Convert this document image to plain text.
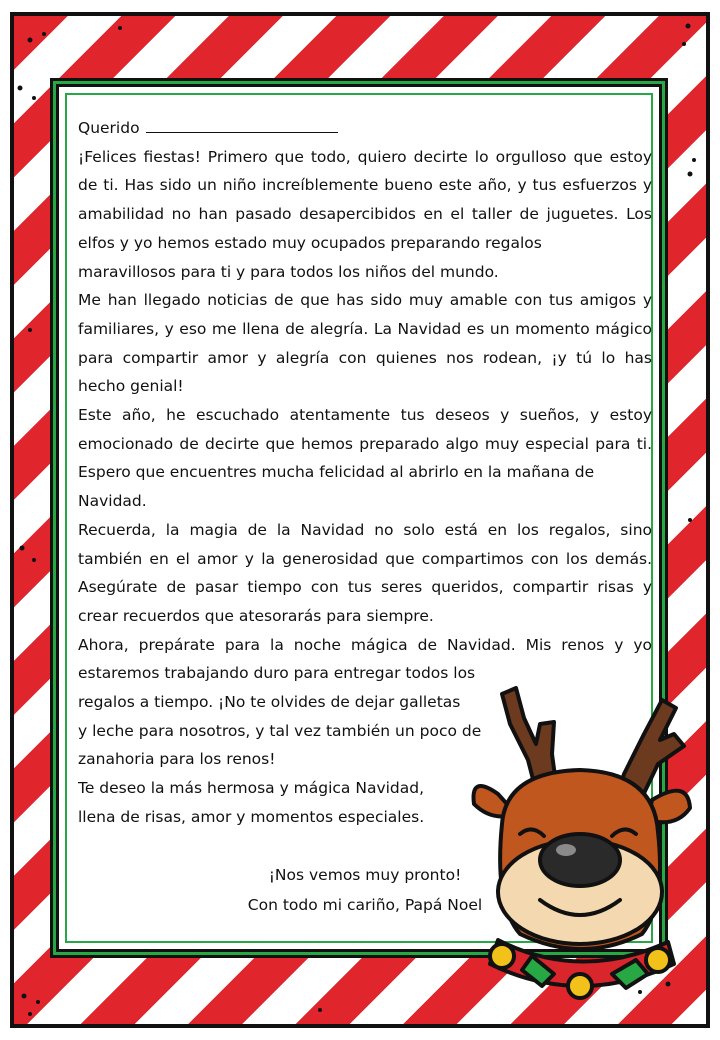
Querido

¡Felices fiestas! Primero que todo, quiero decirte lo orgulloso que estoy

de ti. Has sido un niño increíblemente bueno este año, y tus esfuerzos y

amabilidad no han pasado desapercibidos en el taller de juguetes. Los

elfos y yo hemos estado muy ocupados preparando regalos

maravillosos para ti y para todos los niños del mundo.

Me han llegado noticias de que has sido muy amable con tus amigos y

familiares, y eso me llena de alegría. La Navidad es un momento mágico

para compartir amor y alegría con quienes nos rodean, ¡y tú lo has

hecho genial!

Este año, he escuchado atentamente tus deseos y sueños, y estoy

emocionado de decirte que hemos preparado algo muy especial para ti.

Espero que encuentres mucha felicidad al abrirlo en la mañana de

Navidad.

Recuerda, la magia de la Navidad no solo está en los regalos, sino

también en el amor y la generosidad que compartimos con los demás.

Asegúrate de pasar tiempo con tus seres queridos, compartir risas y

crear recuerdos que atesorarás para siempre.

Ahora, prepárate para la noche mágica de Navidad. Mis renos y yo

estaremos trabajando duro para entregar todos los

regalos a tiempo. ¡No te olvides de dejar galletas

y leche para nosotros, y tal vez también un poco de

zanahoria para los renos!

Te deseo la más hermosa y mágica Navidad,

llena de risas, amor y momentos especiales.

¡Nos vemos muy pronto!
Con todo mi cariño, Papá Noel
